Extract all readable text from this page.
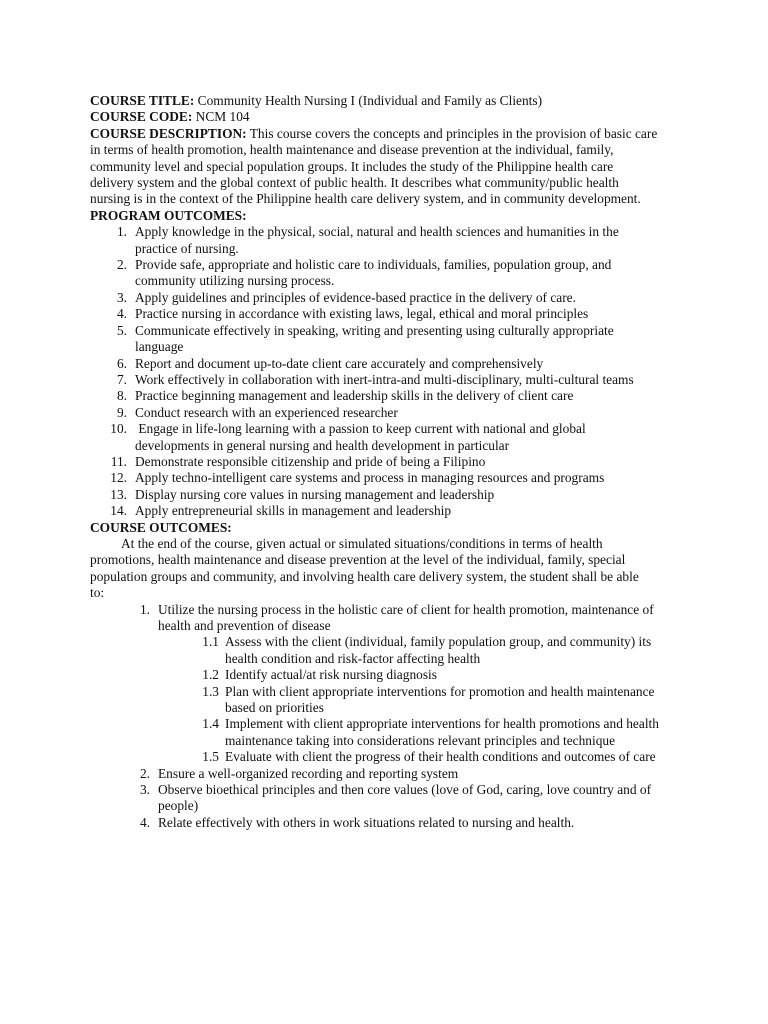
COURSE TITLE: Community Health Nursing I (Individual and Family as Clients)

COURSE CODE: NCM 104

COURSE DESCRIPTION: This course covers the concepts and principles in the provision of basic care in terms of health promotion, health maintenance and disease prevention at the individual, family, community level and special population groups. It includes the study of the Philippine health care delivery system and the global context of public health. It describes what community/public health nursing is in the context of the Philippine health care delivery system, and in community development.

PROGRAM OUTCOMES:

1. Apply knowledge in the physical, social, natural and health sciences and humanities in the practice of nursing.
2. Provide safe, appropriate and holistic care to individuals, families, population group, and community utilizing nursing process.
3. Apply guidelines and principles of evidence-based practice in the delivery of care.
4. Practice nursing in accordance with existing laws, legal, ethical and moral principles
5. Communicate effectively in speaking, writing and presenting using culturally appropriate language
6. Report and document up-to-date client care accurately and comprehensively
7. Work effectively in collaboration with inert-intra-and multi-disciplinary, multi-cultural teams
8. Practice beginning management and leadership skills in the delivery of client care
9. Conduct research with an experienced researcher
10. Engage in life-long learning with a passion to keep current with national and global developments in general nursing and health development in particular
11. Demonstrate responsible citizenship and pride of being a Filipino
12. Apply techno-intelligent care systems and process in managing resources and programs
13. Display nursing core values in nursing management and leadership
14. Apply entrepreneurial skills in management and leadership

COURSE OUTCOMES:

At the end of the course, given actual or simulated situations/conditions in terms of health promotions, health maintenance and disease prevention at the level of the individual, family, special population groups and community, and involving health care delivery system, the student shall be able to:

1. Utilize the nursing process in the holistic care of client for health promotion, maintenance of health and prevention of disease
1.1 Assess with the client (individual, family population group, and community) its health condition and risk-factor affecting health
1.2 Identify actual/at risk nursing diagnosis
1.3 Plan with client appropriate interventions for promotion and health maintenance based on priorities
1.4 Implement with client appropriate interventions for health promotions and health maintenance taking into considerations relevant principles and technique
1.5 Evaluate with client the progress of their health conditions and outcomes of care
2. Ensure a well-organized recording and reporting system
3. Observe bioethical principles and then core values (love of God, caring, love country and of people)
4. Relate effectively with others in work situations related to nursing and health.
